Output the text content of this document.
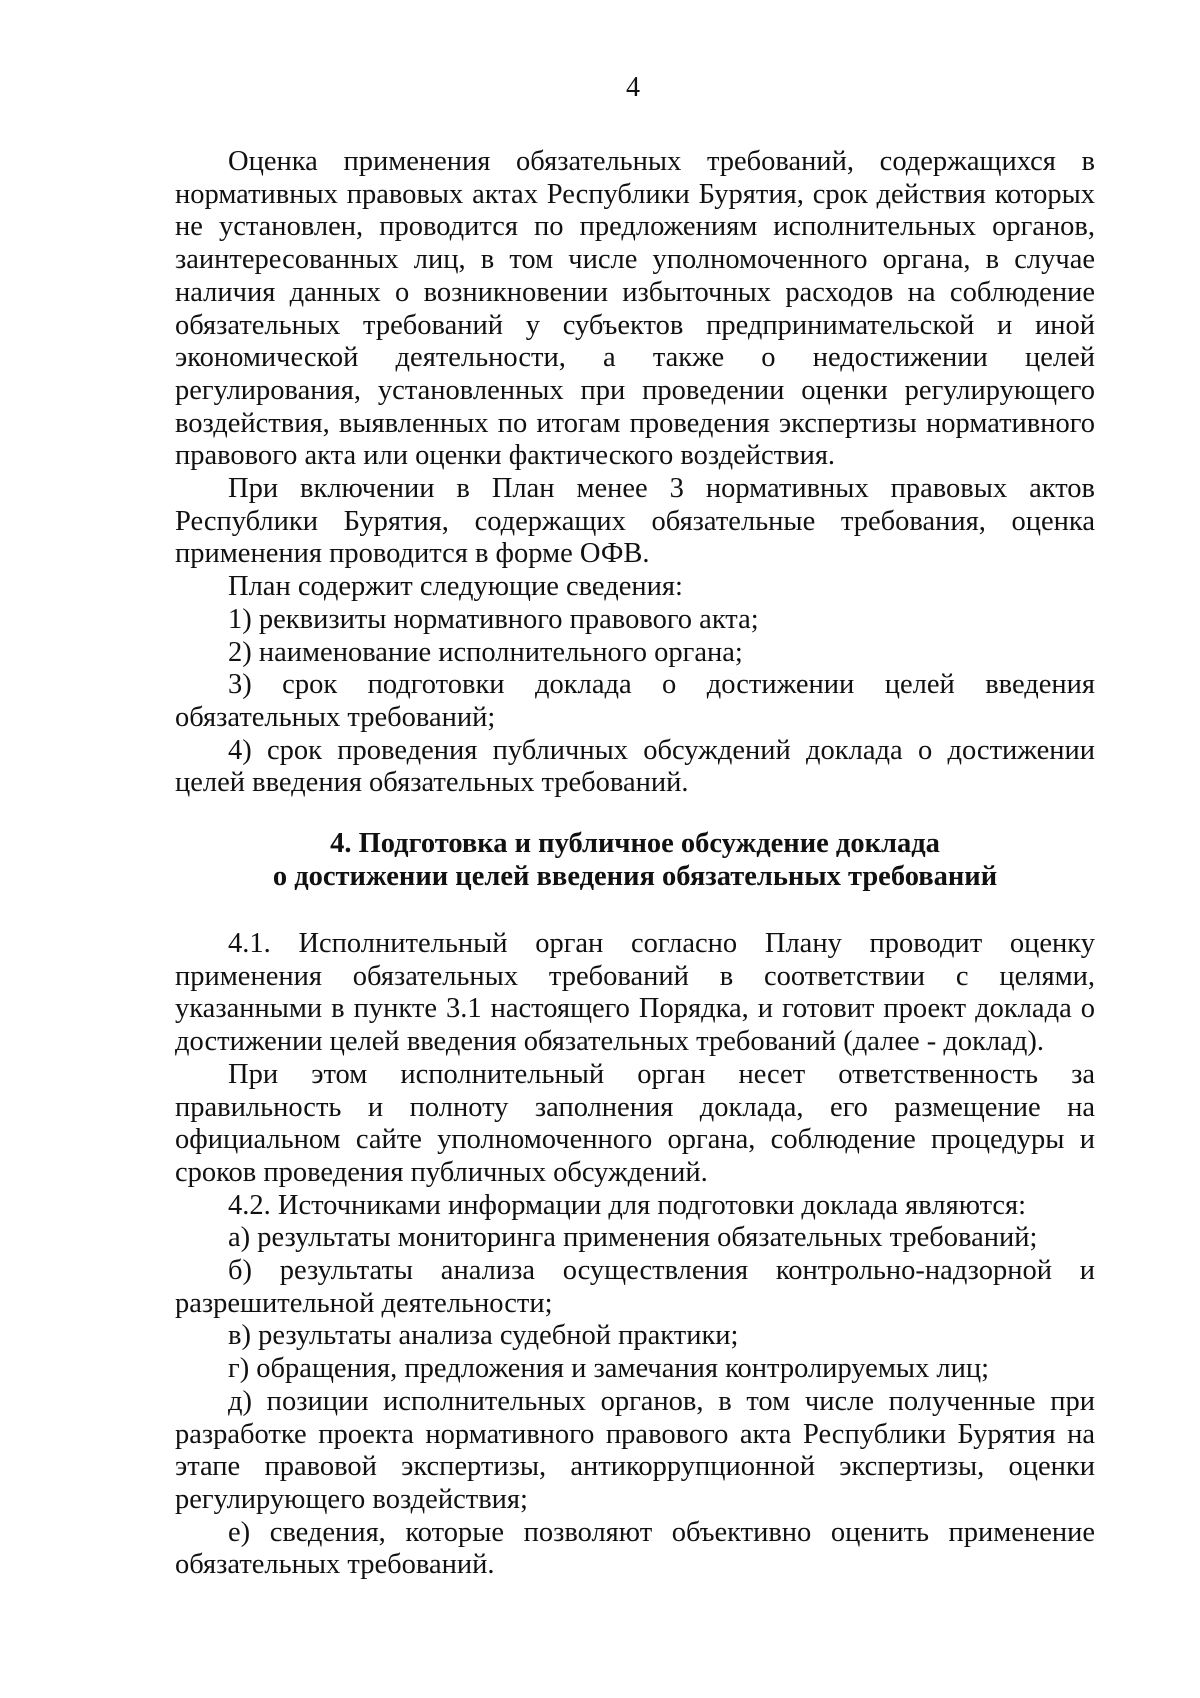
4

Оценка применения обязательных требований, содержащихся в нормативных правовых актах Республики Бурятия, срок действия которых не установлен, проводится по предложениям исполнительных органов, заинтересованных лиц, в том числе уполномоченного органа, в случае наличия данных о возникновении избыточных расходов на соблюдение обязательных требований у субъектов предпринимательской и иной экономической деятельности, а также о недостижении целей регулирования, установленных при проведении оценки регулирующего воздействия, выявленных по итогам проведения экспертизы нормативного правового акта или оценки фактического воздействия.

При включении в План менее 3 нормативных правовых актов Республики Бурятия, содержащих обязательные требования, оценка применения проводится в форме ОФВ.

План содержит следующие сведения:

1) реквизиты нормативного правового акта;

2) наименование исполнительного органа;

3) срок подготовки доклада о достижении целей введения обязательных требований;

4) срок проведения публичных обсуждений доклада о достижении целей введения обязательных требований.

4. Подготовка и публичное обсуждение доклада
о достижении целей введения обязательных требований

4.1. Исполнительный орган согласно Плану проводит оценку применения обязательных требований в соответствии с целями, указанными в пункте 3.1 настоящего Порядка, и готовит проект доклада о достижении целей введения обязательных требований (далее - доклад).

При этом исполнительный орган несет ответственность за правильность и полноту заполнения доклада, его размещение на официальном сайте уполномоченного органа, соблюдение процедуры и сроков проведения публичных обсуждений.

4.2. Источниками информации для подготовки доклада являются:

а) результаты мониторинга применения обязательных требований;

б) результаты анализа осуществления контрольно-надзорной и разрешительной деятельности;

в) результаты анализа судебной практики;

г) обращения, предложения и замечания контролируемых лиц;

д) позиции исполнительных органов, в том числе полученные при разработке проекта нормативного правового акта Республики Бурятия на этапе правовой экспертизы, антикоррупционной экспертизы, оценки регулирующего воздействия;

е) сведения, которые позволяют объективно оценить применение обязательных требований.
